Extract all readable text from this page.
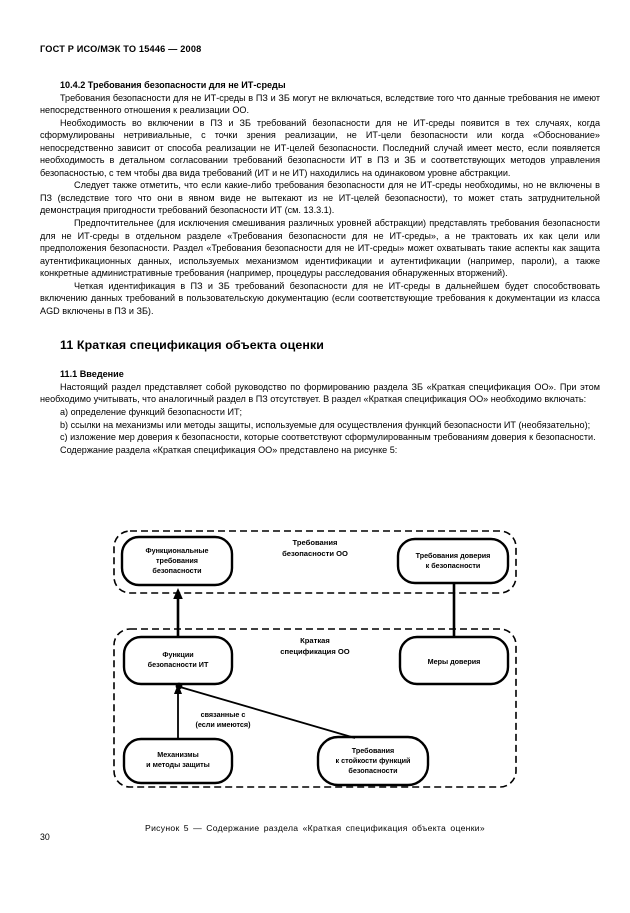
ГОСТ Р ИСО/МЭК ТО 15446 — 2008
10.4.2 Требования безопасности для не ИТ-среды

Требования безопасности для не ИТ-среды в ПЗ и ЗБ могут не включаться, вследствие того что данные требования не имеют непосредственного отношения к реализации ОО.

Необходимость во включении в ПЗ и ЗБ требований безопасности для не ИТ-среды появится в тех случаях, когда сформулированы нетривиальные, с точки зрения реализации, не ИТ-цели безопасности или когда «Обоснование» непосредственно зависит от способа реализации не ИТ-целей безопасности. Последний случай имеет место, если появляется необходимость в детальном согласовании требований безопасности ИТ в ПЗ и ЗБ и соответствующих методов управления безопасностью, с тем чтобы два вида требований (ИТ и не ИТ) находились на одинаковом уровне абстракции.

Следует также отметить, что если какие-либо требования безопасности для не ИТ-среды необходимы, но не включены в ПЗ (вследствие того что они в явном виде не вытекают из не ИТ-целей безопасности), то может стать затруднительной демонстрация пригодности требований безопасности ИТ (см. 13.3.1).

Предпочтительнее (для исключения смешивания различных уровней абстракции) представлять требования безопасности для не ИТ-среды в отдельном разделе «Требования безопасности для не ИТ-среды», а не трактовать их как цели или предположения безопасности. Раздел «Требования безопасности для не ИТ-среды» может охватывать такие аспекты как защита аутентификационных данных, используемых механизмом идентификации и аутентификации (например, пароли), а также конкретные административные требования (например, процедуры расследования обнаруженных вторжений).

Четкая идентификация в ПЗ и ЗБ требований безопасности для не ИТ-среды в дальнейшем будет способствовать включению данных требований в пользовательскую документацию (если соответствующие требования к документации из класса AGD включены в ПЗ и ЗБ).

11 Краткая спецификация объекта оценки
11.1 Введение

Настоящий раздел представляет собой руководство по формированию раздела ЗБ «Краткая спецификация ОО». При этом необходимо учитывать, что аналогичный раздел в ПЗ отсутствует. В раздел «Краткая спецификация ОО» необходимо включать:

a) определение функций безопасности ИТ;

b) ссылки на механизмы или методы защиты, используемые для осуществления функций безопасности ИТ (необязательно);

c) изложение мер доверия к безопасности, которые соответствуют сформулированным требованиям доверия к безопасности.

Содержание раздела «Краткая спецификация ОО» представлено на рисунке 5:

Требования
безопасности ОО
Функциональные
требования
безопасности
Требования доверия
к безопасности
Краткая
спецификация ОО
Функции
безопасности ИТ	Меры доверия
Механизмы
и методы защиты
Требования
к стойкости функций
безопасности
связанные с
(если имеются)

Рисунок 5 — Содержание раздела «Краткая спецификация объекта оценки»

30
